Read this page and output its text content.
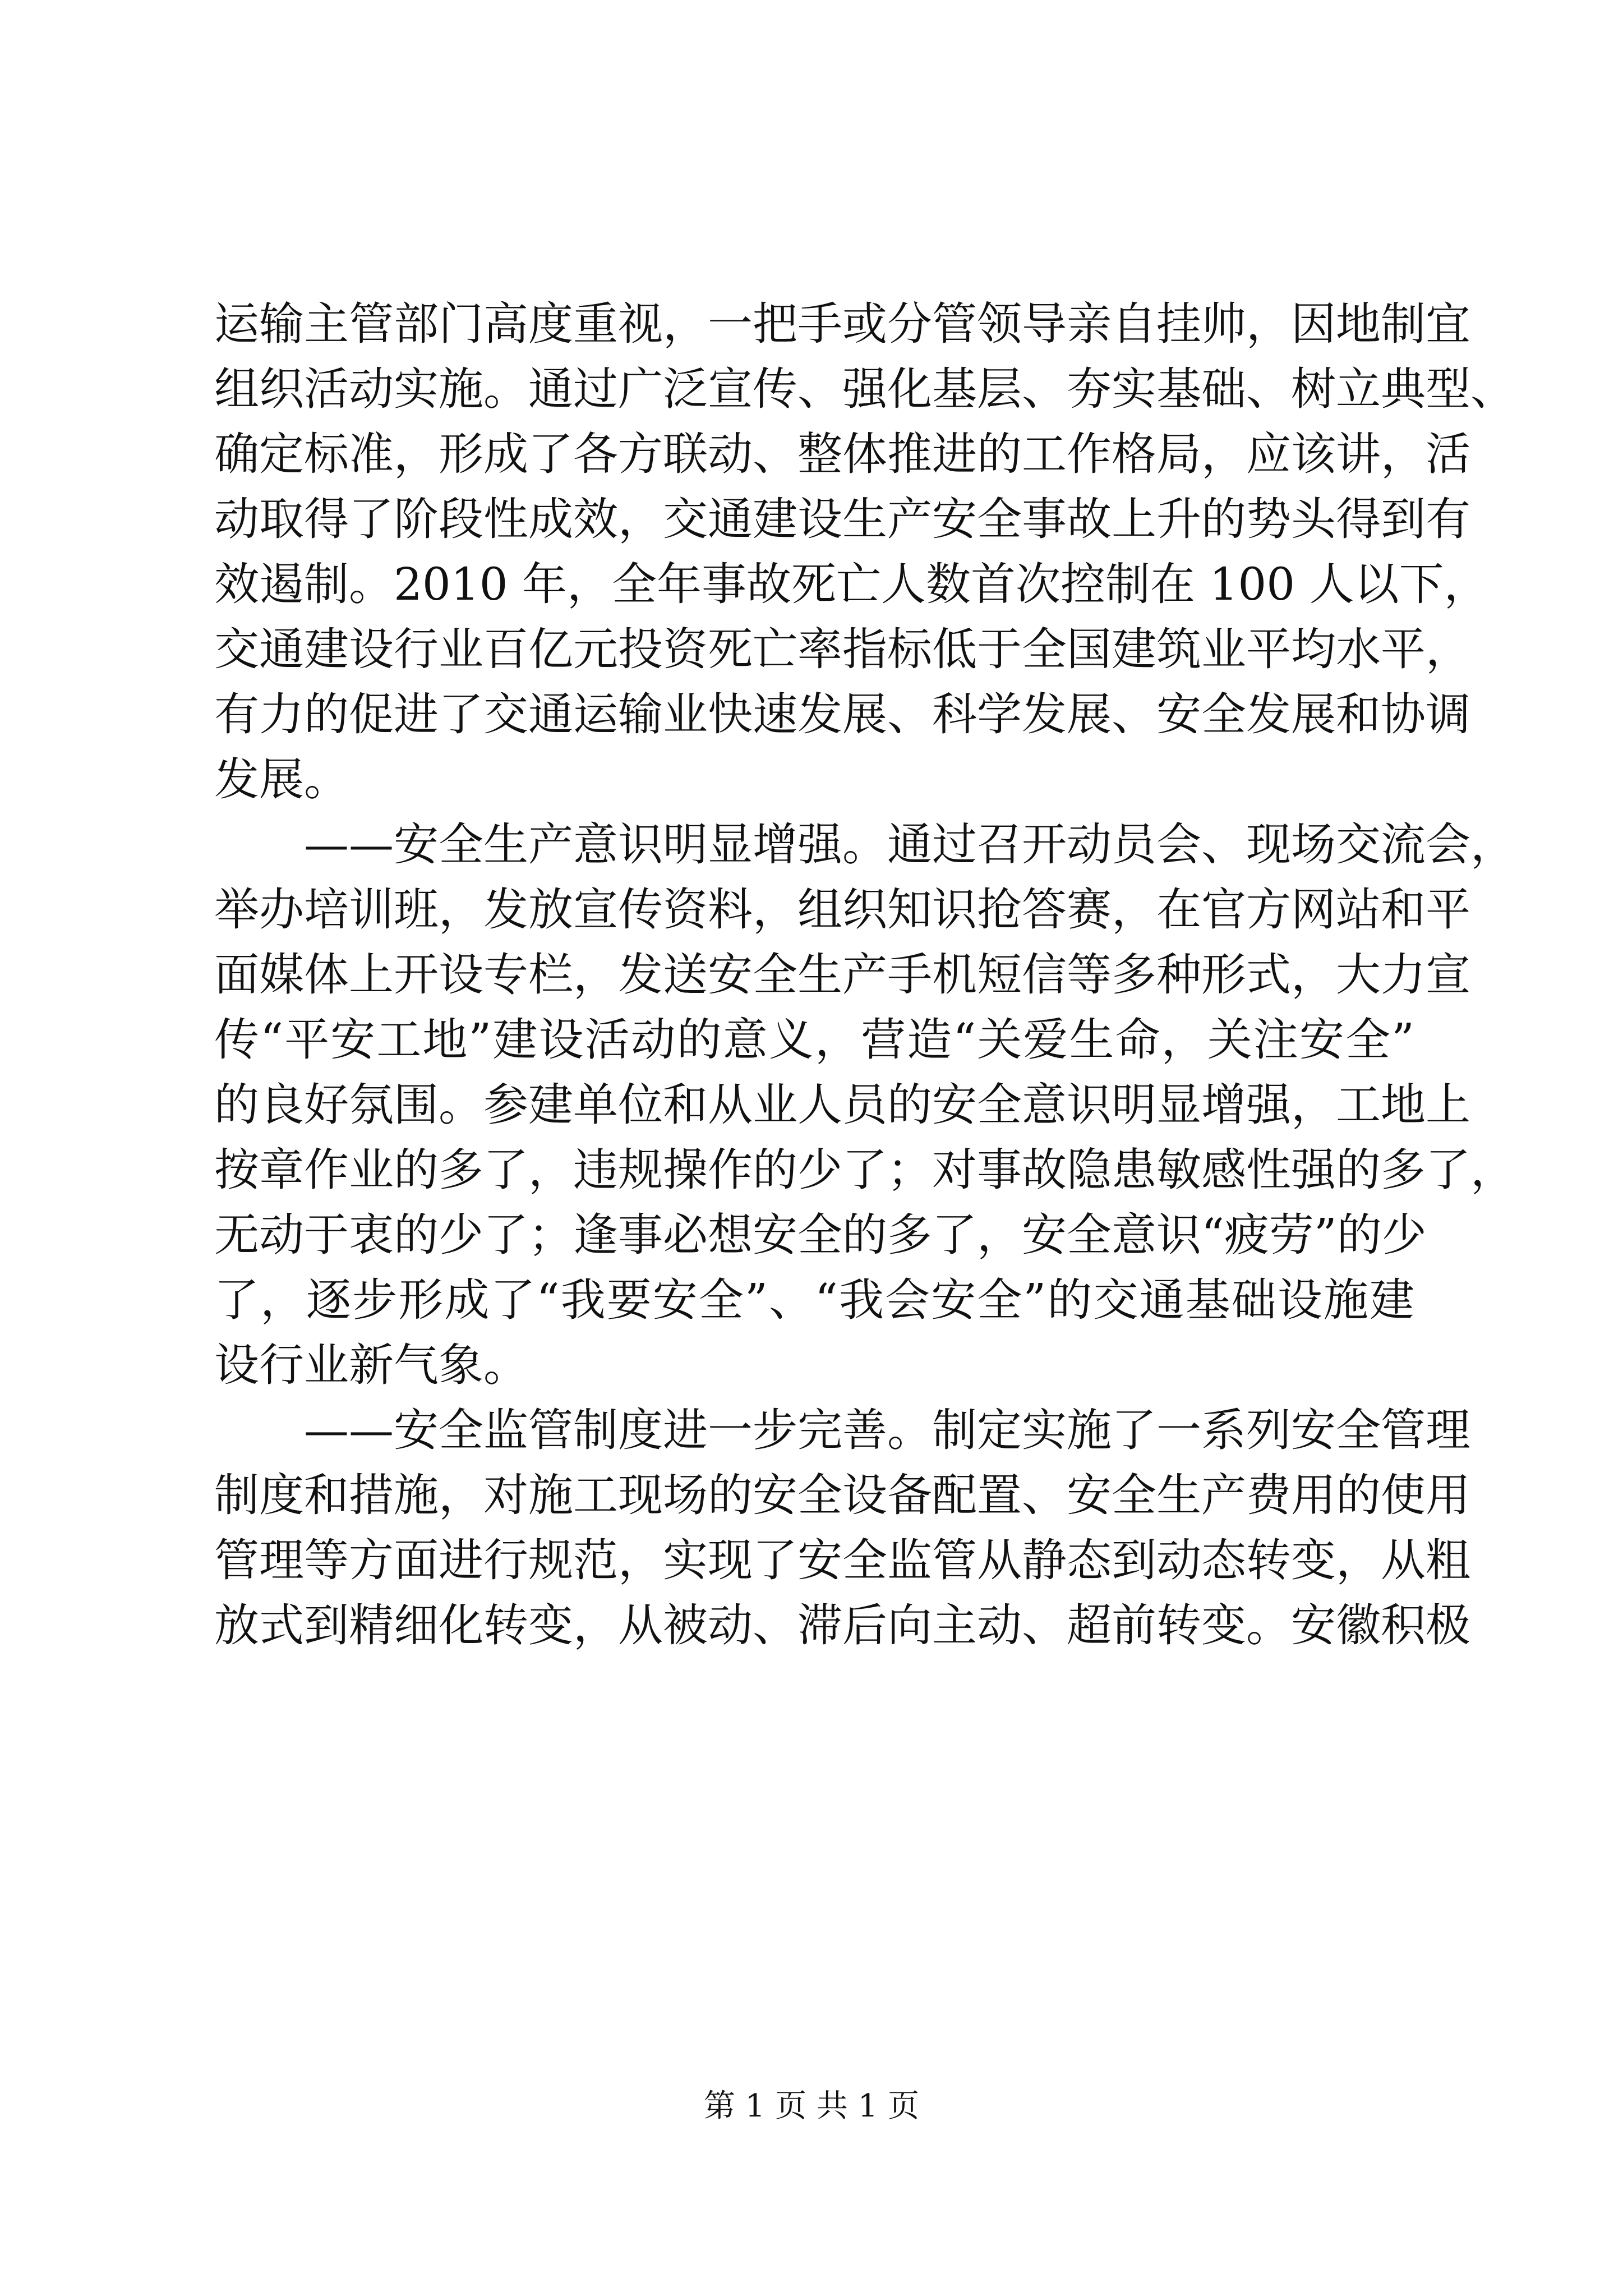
运输主管部门高度重视，一把手或分管领导亲自挂帅，因地制宜
组织活动实施。通过广泛宣传、强化基层、夯实基础、树立典型、
确定标准，形成了各方联动、整体推进的工作格局，应该讲，活
动取得了阶段性成效，交通建设生产安全事故上升的势头得到有
效遏制。2010 年，全年事故死亡人数首次控制在 100 人以下，
交通建设行业百亿元投资死亡率指标低于全国建筑业平均水平，
有力的促进了交通运输业快速发展、科学发展、安全发展和协调
发展。
——安全生产意识明显增强。通过召开动员会、现场交流会，
举办培训班，发放宣传资料，组织知识抢答赛，在官方网站和平
面媒体上开设专栏，发送安全生产手机短信等多种形式，大力宣
传“平安工地”建设活动的意义，营造“关爱生命，关注安全”
的良好氛围。参建单位和从业人员的安全意识明显增强，工地上
按章作业的多了，违规操作的少了；对事故隐患敏感性强的多了，
无动于衷的少了；逢事必想安全的多了，安全意识“疲劳”的少
了，逐步形成了“我要安全”、“我会安全”的交通基础设施建
设行业新气象。
——安全监管制度进一步完善。制定实施了一系列安全管理
制度和措施，对施工现场的安全设备配置、安全生产费用的使用
管理等方面进行规范，实现了安全监管从静态到动态转变，从粗
放式到精细化转变，从被动、滞后向主动、超前转变。安徽积极
第 1 页 共 1 页
